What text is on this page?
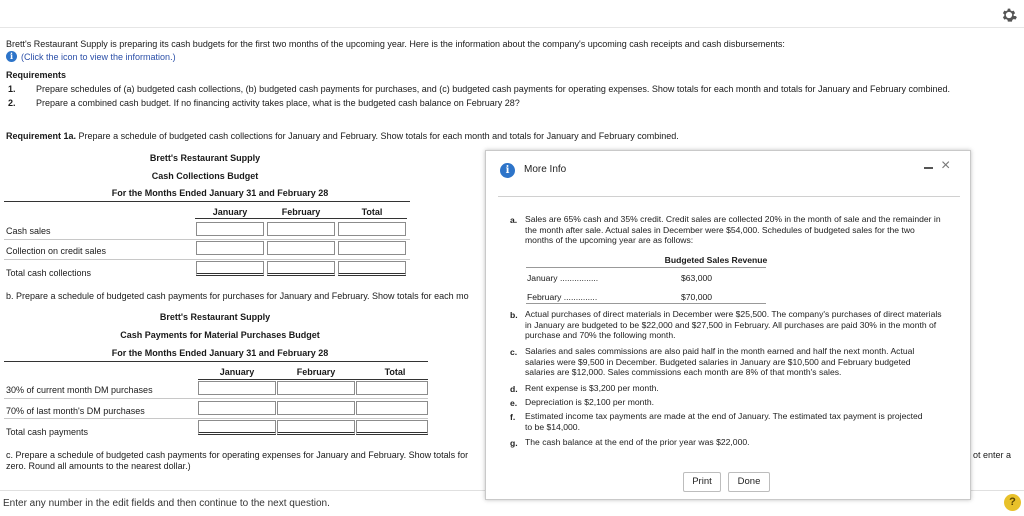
Brett's Restaurant Supply is preparing its cash budgets for the first two months of the upcoming year. Here is the information about the company's upcoming cash receipts and cash disbursements:
i (Click the icon to view the information.)
Requirements
1. Prepare schedules of (a) budgeted cash collections, (b) budgeted cash payments for purchases, and (c) budgeted cash payments for operating expenses. Show totals for each month and totals for January and February combined.
2. Prepare a combined cash budget. If no financing activity takes place, what is the budgeted cash balance on February 28?
Requirement 1a. Prepare a schedule of budgeted cash collections for January and February. Show totals for each month and totals for January and February combined.
Brett's Restaurant Supply
Cash Collections Budget
For the Months Ended January 31 and February 28
January	February	Total
Cash sales
Collection on credit sales
Total cash collections
b. Prepare a schedule of budgeted cash payments for purchases for January and February. Show totals for each mo
Brett's Restaurant Supply
Cash Payments for Material Purchases Budget
For the Months Ended January 31 and February 28
January	February	Total
30% of current month DM purchases
70% of last month's DM purchases
Total cash payments
c. Prepare a schedule of budgeted cash payments for operating expenses for January and February. Show totals for
zero. Round all amounts to the nearest dollar.)
ot enter a
Enter any number in the edit fields and then continue to the next question.	?
i	More Info	×
a. Sales are 65% cash and 35% credit. Credit sales are collected 20% in the month of sale and the remainder in the month after sale. Actual sales in December were $54,000. Schedules of budgeted sales for the two months of the upcoming year are as follows:
Budgeted Sales Revenue
January ................	$63,000
February ..............	$70,000
b. Actual purchases of direct materials in December were $25,500. The company's purchases of direct materials in January are budgeted to be $22,000 and $27,500 in February. All purchases are paid 30% in the month of purchase and 70% the following month.
c. Salaries and sales commissions are also paid half in the month earned and half the next month. Actual salaries were $9,500 in December. Budgeted salaries in January are $10,500 and February budgeted salaries are $12,000. Sales commissions each month are 8% of that month's sales.
d. Rent expense is $3,200 per month.
e. Depreciation is $2,100 per month.
f. Estimated income tax payments are made at the end of January. The estimated tax payment is projected to be $14,000.
g. The cash balance at the end of the prior year was $22,000.
Print	Done
